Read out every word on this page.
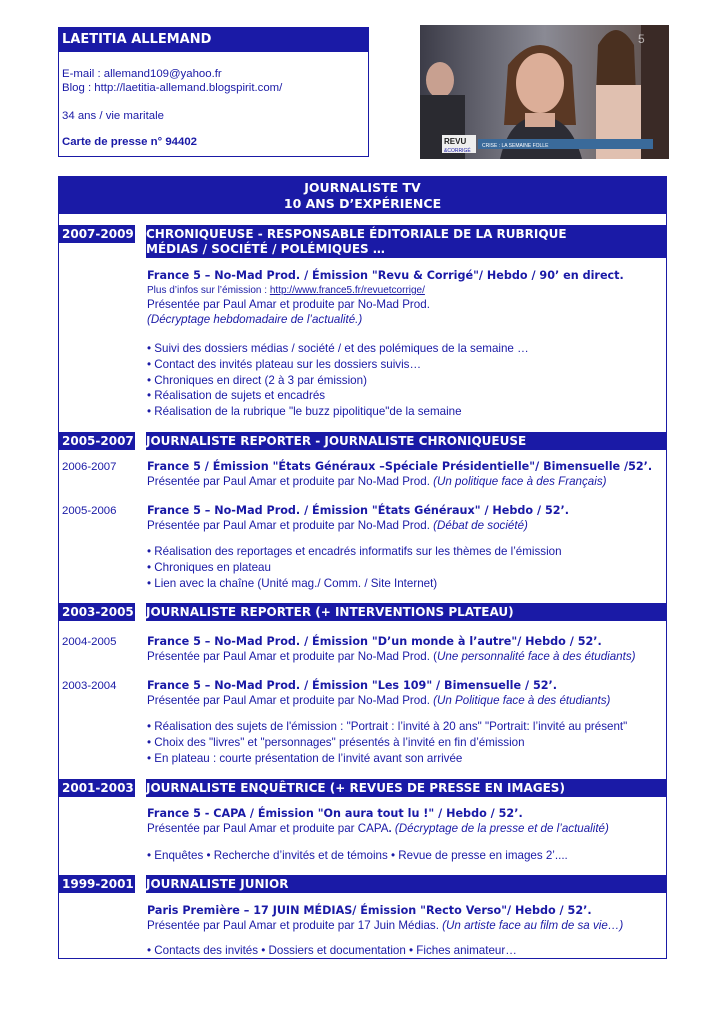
LAETITIA ALLEMAND
E-mail : allemand109@yahoo.fr
Blog : http://laetitia-allemand.blogspirit.com/
34 ans / vie maritale
Carte de presse n° 94402	REVU
&CORRIGÉ
CRISE : LA SEMAINE FOLLE
5
JOURNALISTE TV
10 ANS D’EXPÉRIENCE
2007-2009 CHRONIQUEUSE - RESPONSABLE ÉDITORIALE DE LA RUBRIQUE
MÉDIAS / SOCIÉTÉ / POLÉMIQUES …
France 5 – No-Mad Prod. / Émission "Revu & Corrigé"/ Hebdo / 90’ en direct.
Plus d’infos sur l’émission : http://www.france5.fr/revuetcorrige/
Présentée par Paul Amar et produite par No-Mad Prod.
(Décryptage hebdomadaire de l’actualité.)
• Suivi des dossiers médias / société / et des polémiques de la semaine …
• Contact des invités plateau sur les dossiers suivis…
• Chroniques en direct (2 à 3 par émission)
• Réalisation de sujets et encadrés
• Réalisation de la rubrique "le buzz pipolitique"de la semaine
2005-2007 JOURNALISTE REPORTER - JOURNALISTE CHRONIQUEUSE
2006-2007	France 5 / Émission "États Généraux –Spéciale Présidentielle"/ Bimensuelle /52’.
Présentée par Paul Amar et produite par No-Mad Prod. (Un politique face à des Français)
2005-2006	France 5 – No-Mad Prod. / Émission "États Généraux" / Hebdo / 52’.
Présentée par Paul Amar et produite par No-Mad Prod. (Débat de société)
• Réalisation des reportages et encadrés informatifs sur les thèmes de l’émission
• Chroniques en plateau
• Lien avec la chaîne (Unité mag./ Comm. / Site Internet)
2003-2005 JOURNALISTE REPORTER (+ INTERVENTIONS PLATEAU)
2004-2005	France 5 – No-Mad Prod. / Émission "D’un monde à l’autre"/ Hebdo / 52’.
Présentée par Paul Amar et produite par No-Mad Prod. (Une personnalité face à des étudiants)
2003-2004	France 5 – No-Mad Prod. / Émission "Les 109" / Bimensuelle / 52’.
Présentée par Paul Amar et produite par No-Mad Prod. (Un Politique face à des étudiants)
• Réalisation des sujets de l'émission : "Portrait : l’invité à 20 ans" "Portrait: l’invité au présent"
• Choix des "livres" et "personnages" présentés à l’invité en fin d’émission
• En plateau : courte présentation de l’invité avant son arrivée
2001-2003 JOURNALISTE ENQUÊTRICE (+ REVUES DE PRESSE EN IMAGES)
France 5 - CAPA / Émission "On aura tout lu !" / Hebdo / 52’.
Présentée par Paul Amar et produite par CAPA. (Décryptage de la presse et de l’actualité)
• Enquêtes • Recherche d’invités et de témoins • Revue de presse en images 2’....
1999-2001 JOURNALISTE JUNIOR
Paris Première – 17 JUIN MÉDIAS/ Émission "Recto Verso"/ Hebdo / 52’.
Présentée par Paul Amar et produite par 17 Juin Médias. (Un artiste face au film de sa vie…)
• Contacts des invités • Dossiers et documentation • Fiches animateur…
